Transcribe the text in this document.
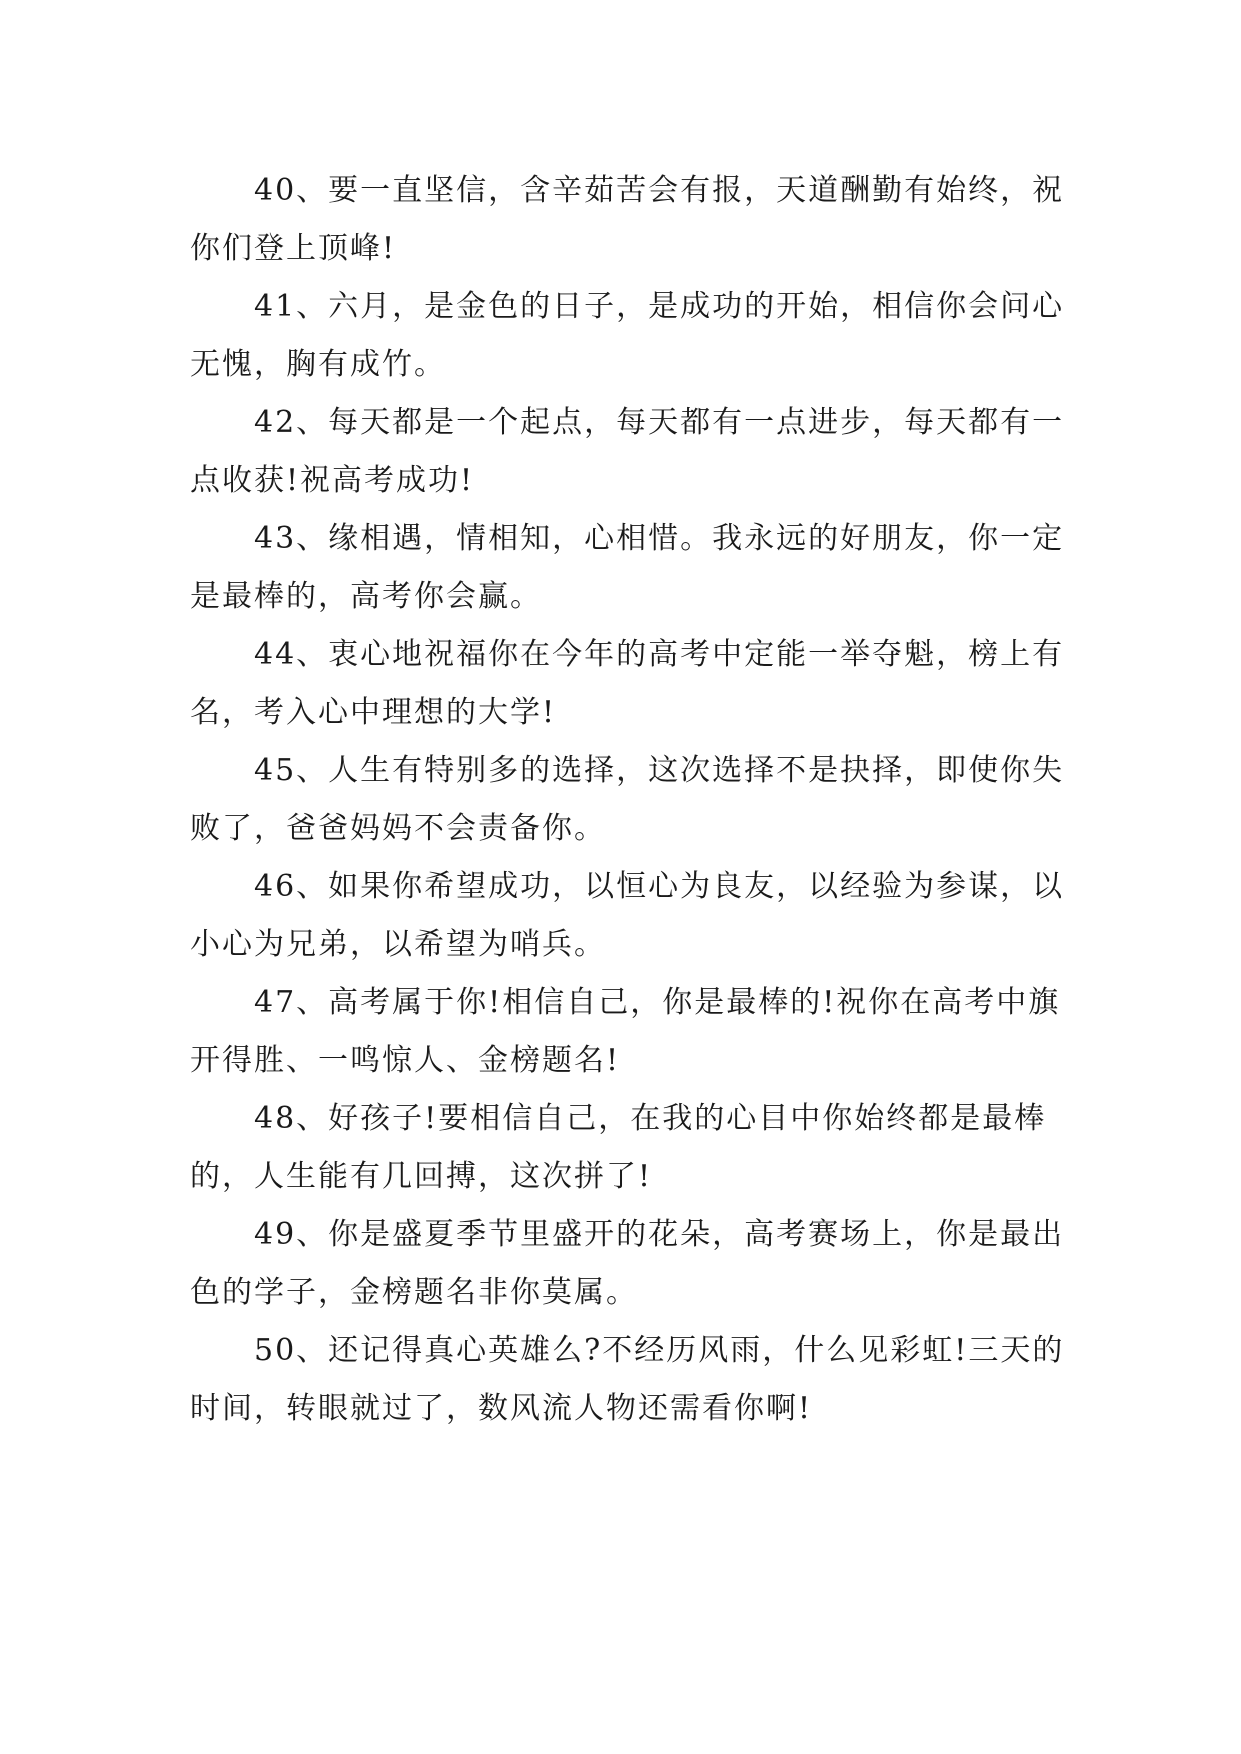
40、要一直坚信，含辛茹苦会有报，天道酬勤有始终，祝你们登上顶峰!

41、六月，是金色的日子，是成功的开始，相信你会问心无愧，胸有成竹。

42、每天都是一个起点，每天都有一点进步，每天都有一点收获!祝高考成功!

43、缘相遇，情相知，心相惜。我永远的好朋友，你一定是最棒的，高考你会赢。

44、衷心地祝福你在今年的高考中定能一举夺魁，榜上有名，考入心中理想的大学!

45、人生有特别多的选择，这次选择不是抉择，即使你失败了，爸爸妈妈不会责备你。

46、如果你希望成功，以恒心为良友，以经验为参谋，以小心为兄弟，以希望为哨兵。

47、高考属于你!相信自己，你是最棒的!祝你在高考中旗开得胜、一鸣惊人、金榜题名!

48、好孩子!要相信自己，在我的心目中你始终都是最棒的，人生能有几回搏，这次拼了!

49、你是盛夏季节里盛开的花朵，高考赛场上，你是最出色的学子，金榜题名非你莫属。

50、还记得真心英雄么?不经历风雨，什么见彩虹!三天的时间，转眼就过了，数风流人物还需看你啊!
